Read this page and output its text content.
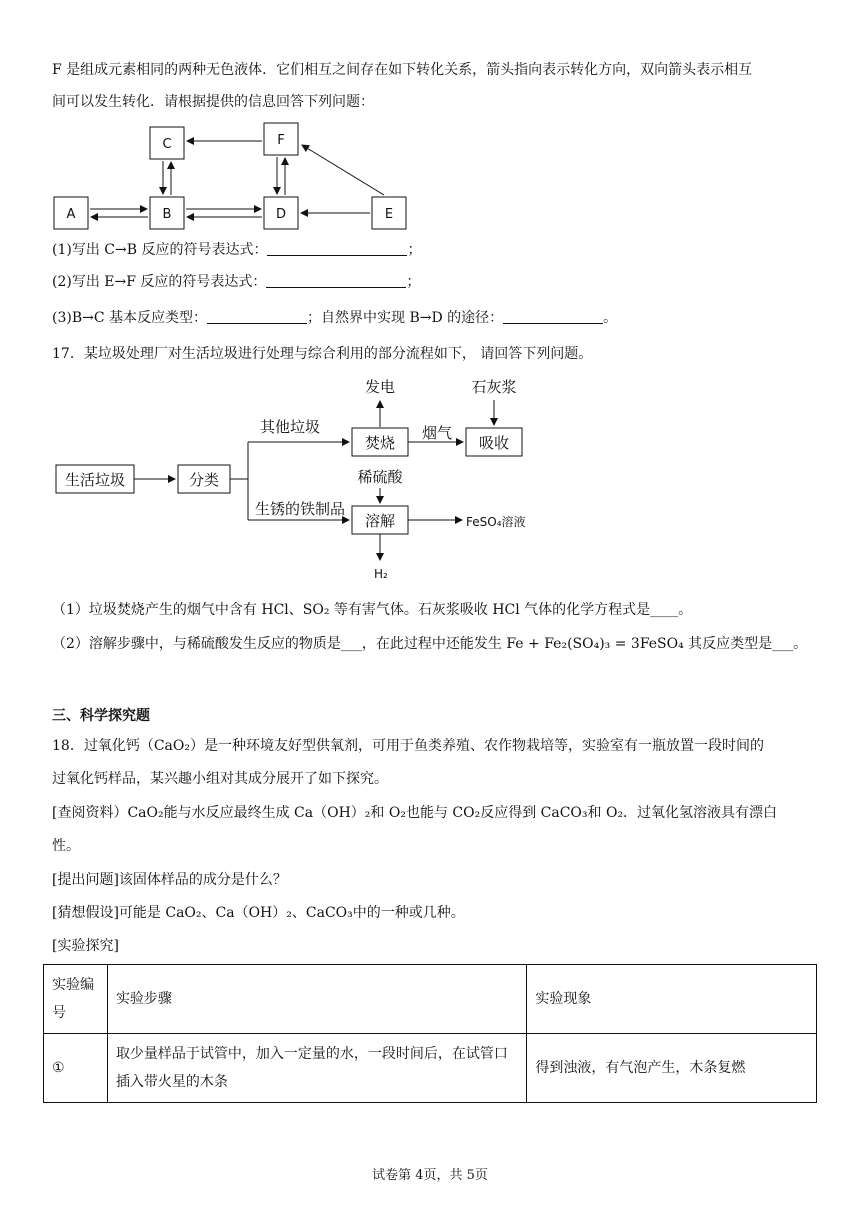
F 是组成元素相同的两种无色液体．它们相互之间存在如下转化关系，箭头指向表示转化方向，双向箭头表示相互

间可以发生转化．请根据提供的信息回答下列问题：

C	F
A	B	D	E

(1)写出 C→B 反应的符号表达式：	；

(2)写出 E→F 反应的符号表达式：	；

(3)B→C 基本反应类型：	；自然界中实现 B→D 的途径：	。

17．某垃圾处理厂对生活垃圾进行处理与综合利用的部分流程如下， 请回答下列问题。

生活垃圾	分类
焚烧	吸收
溶解
发电	石灰浆
其他垃圾	烟气
稀硫酸
生锈的铁制品
FeSO₄溶液
H₂

（1）垃圾焚烧产生的烟气中含有 HCl、SO₂ 等有害气体。石灰浆吸收 HCl 气体的化学方程式是____。

（2）溶解步骤中，与稀硫酸发生反应的物质是___，在此过程中还能发生 Fe + Fe₂(SO₄)₃ = 3FeSO₄ 其反应类型是___。

三、科学探究题

18．过氧化钙（CaO₂）是一种环境友好型供氧剂，可用于鱼类养殖、农作物栽培等，实验室有一瓶放置一段时间的

过氧化钙样品，某兴趣小组对其成分展开了如下探究。

[查阅资料）CaO₂能与水反应最终生成 Ca（OH）₂和 O₂也能与 CO₂反应得到 CaCO₃和 O₂．过氧化氢溶液具有漂白

性。

[提出问题]该固体样品的成分是什么？

[猜想假设]可能是 CaO₂、Ca（OH）₂、CaCO₃中的一种或几种。

[实验探究]

实验编号	实验步骤	实验现象
①	取少量样品于试管中，加入一定量的水，一段时间后，在试管口插入带火星的木条	得到浊液，有气泡产生，木条复燃
试卷第 4页，共 5页
